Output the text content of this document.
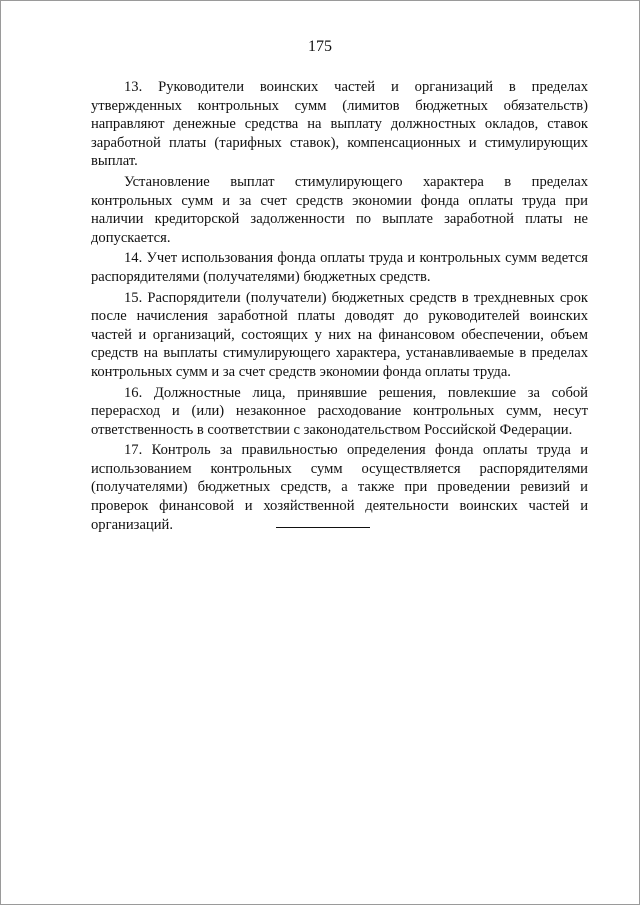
175

13. Руководители воинских частей и организаций в пределах утвержденных контрольных сумм (лимитов бюджетных обязательств) направляют денежные средства на выплату должностных окладов, ставок заработной платы (тарифных ставок), компенсационных и стимулирующих выплат.

Установление выплат стимулирующего характера в пределах контрольных сумм и за счет средств экономии фонда оплаты труда при наличии кредиторской задолженности по выплате заработной платы не допускается.

14. Учет использования фонда оплаты труда и контрольных сумм ведется распорядителями (получателями) бюджетных средств.

15. Распорядители (получатели) бюджетных средств в трехдневных срок после начисления заработной платы доводят до руководителей воинских частей и организаций, состоящих у них на финансовом обеспечении, объем средств на выплаты стимулирующего характера, устанавливаемые в пределах контрольных сумм и за счет средств экономии фонда оплаты труда.

16. Должностные лица, принявшие решения, повлекшие за собой перерасход и (или) незаконное расходование контрольных сумм, несут ответственность в соответствии с законодательством Российской Федерации.

17. Контроль за правильностью определения фонда оплаты труда и использованием контрольных сумм осуществляется распорядителями (получателями) бюджетных средств, а также при проведении ревизий и проверок финансовой и хозяйственной деятельности воинских частей и организаций.
